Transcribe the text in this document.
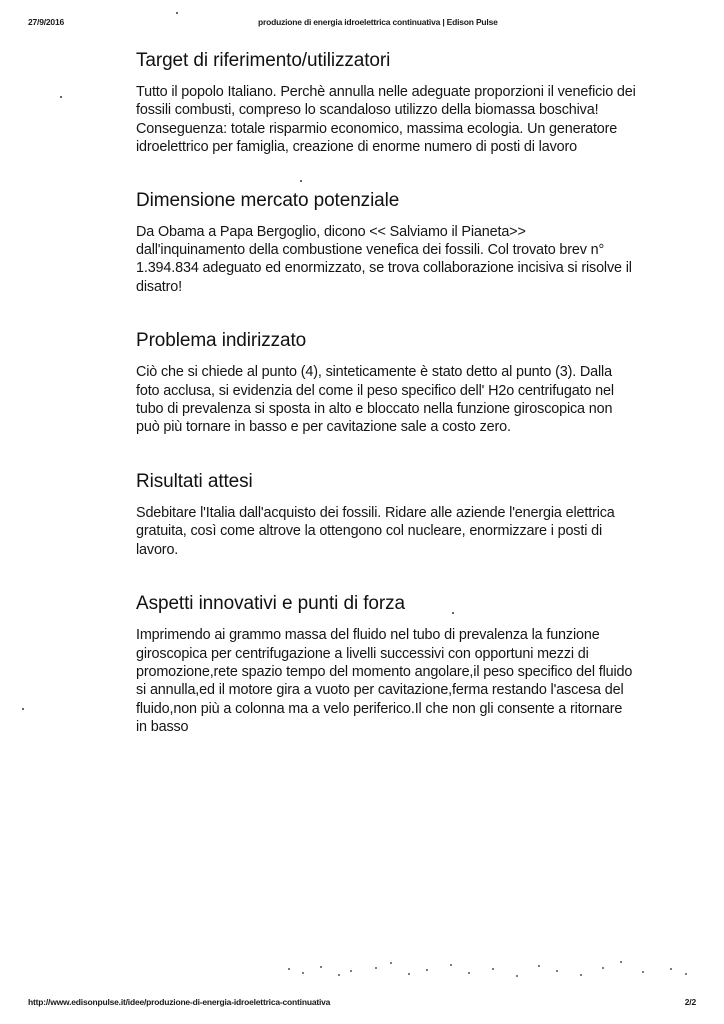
27/9/2016	produzione di energia idroelettrica continuativa | Edison Pulse
Target di riferimento/utilizzatori

Tutto il popolo Italiano. Perchè annulla nelle adeguate proporzioni il veneficio dei fossili combusti, compreso lo scandaloso utilizzo della biomassa boschiva! Conseguenza: totale risparmio economico, massima ecologia. Un generatore idroelettrico per famiglia, creazione di enorme numero di posti di lavoro

Dimensione mercato potenziale

Da Obama a Papa Bergoglio, dicono << Salviamo il Pianeta>> dall'inquinamento della combustione venefica dei fossili. Col trovato brev n° 1.394.834 adeguato ed enormizzato, se trova collaborazione incisiva si risolve il disatro!

Problema indirizzato

Ciò che si chiede al punto (4), sinteticamente è stato detto al punto (3). Dalla foto acclusa, si evidenzia del come il peso specifico dell' H2o centrifugato nel tubo di prevalenza si sposta in alto e bloccato nella funzione giroscopica non può più tornare in basso e per cavitazione sale a costo zero.

Risultati attesi

Sdebitare l'Italia dall'acquisto dei fossili. Ridare alle aziende l'energia elettrica gratuita, così come altrove la ottengono col nucleare, enormizzare i posti di lavoro.

Aspetti innovativi e punti di forza

Imprimendo ai grammo massa del fluido nel tubo di prevalenza la funzione giroscopica per centrifugazione a livelli successivi con opportuni mezzi di promozione,rete spazio tempo del momento angolare,il peso specifico del fluido si annulla,ed il motore gira a vuoto per cavitazione,ferma restando l'ascesa del fluido,non più a colonna ma a velo periferico.Il che non gli consente a ritornare in basso

http://www.edisonpulse.it/idee/produzione-di-energia-idroelettrica-continuativa	2/2
